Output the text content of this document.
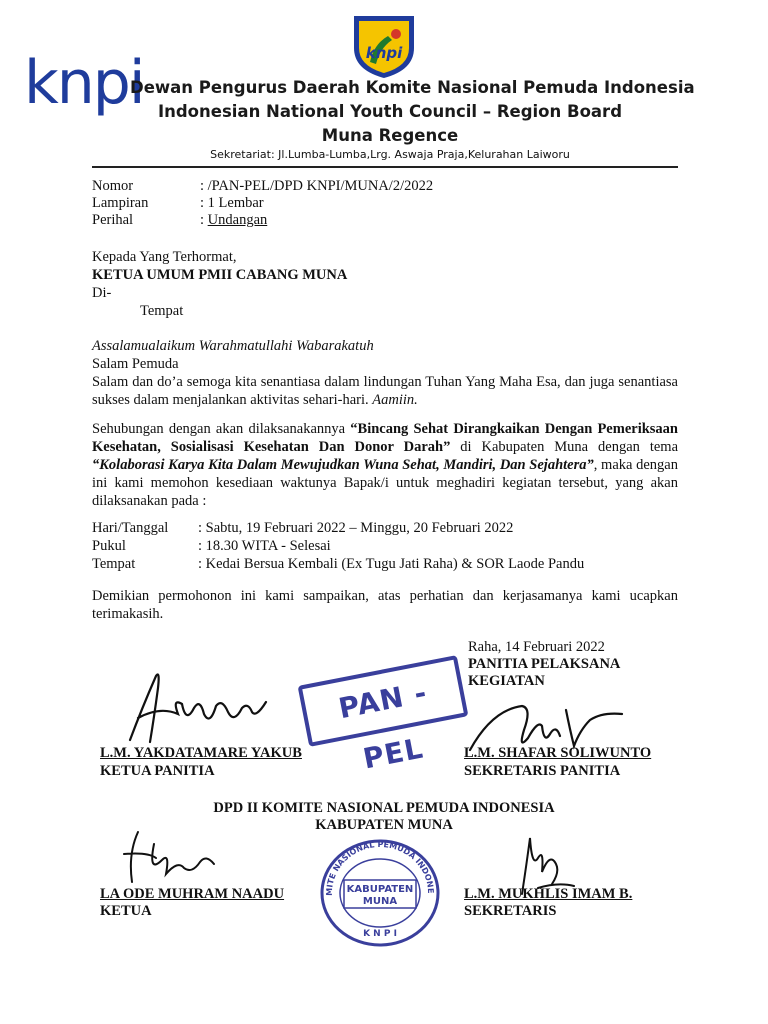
knpi
knpi
Dewan Pengurus Daerah Komite Nasional Pemuda Indonesia
Indonesian National Youth Council – Region Board
Muna Regence
Sekretariat: Jl.Lumba-Lumba,Lrg. Aswaja Praja,Kelurahan Laiworu
Nomor	: /PAN-PEL/DPD KNPI/MUNA/2/2022
Lampiran	: 1 Lembar
Perihal	: Undangan
Kepada Yang Terhormat,
KETUA UMUM PMII CABANG MUNA
Di-
Tempat
Assalamualaikum Warahmatullahi Wabarakatuh
Salam Pemuda
Salam dan do’a semoga kita senantiasa dalam lindungan Tuhan Yang Maha Esa, dan juga senantiasa sukses dalam menjalankan aktivitas sehari-hari. Aamiin.
Sehubungan dengan akan dilaksanakannya “Bincang Sehat Dirangkaikan Dengan Pemeriksaan Kesehatan, Sosialisasi Kesehatan Dan Donor Darah” di Kabupaten Muna dengan tema “Kolaborasi Karya Kita Dalam Mewujudkan Wuna Sehat, Mandiri, Dan Sejahtera”, maka dengan ini kami memohon kesediaan waktunya Bapak/i untuk meghadiri kegiatan tersebut, yang akan dilaksanakan pada :
Hari/Tanggal : Sabtu, 19 Februari 2022 – Minggu, 20 Februari 2022
Pukul	: 18.30 WITA - Selesai
Tempat	: Kedai Bersua Kembali (Ex Tugu Jati Raha) & SOR Laode Pandu
Demikian permohonon ini kami sampaikan, atas perhatian dan kerjasamanya kami ucapkan terimakasih.
Raha, 14 Februari 2022
PANITIA PELAKSANA
KEGIATAN
PAN - PEL
L.M. YAKDATAMARE YAKUB
KETUA PANITIA
L.M. SHAFAR SOLIWUNTO
SEKRETARIS PANITIA
DPD II KOMITE NASIONAL PEMUDA INDONESIA
KABUPATEN MUNA
MITE NASIONAL PEMUDA INDONE
KABUPATEN
MUNA
K N P I
LA ODE MUHRAM NAADU
KETUA
L.M. MUKHLIS IMAM B.
SEKRETARIS
